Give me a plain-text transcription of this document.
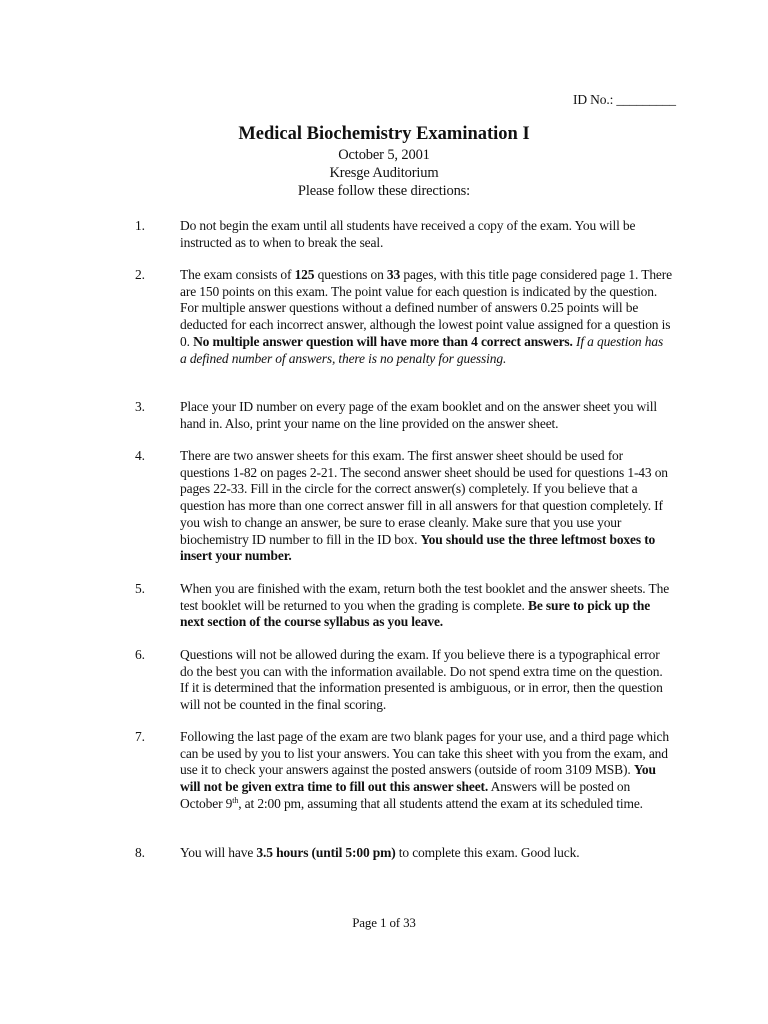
ID No.: _________
Medical Biochemistry Examination I
October 5, 2001
Kresge Auditorium
Please follow these directions:
1.	Do not begin the exam until all students have received a copy of the exam. You will be instructed as to when to break the seal.
2.	The exam consists of 125 questions on 33 pages, with this title page considered page 1. There are 150 points on this exam. The point value for each question is indicated by the question. For multiple answer questions without a defined number of answers 0.25 points will be deducted for each incorrect answer, although the lowest point value assigned for a question is 0. No multiple answer question will have more than 4 correct answers. If a question has a defined number of answers, there is no penalty for guessing.
3.	Place your ID number on every page of the exam booklet and on the answer sheet you will hand in. Also, print your name on the line provided on the answer sheet.
4.	There are two answer sheets for this exam. The first answer sheet should be used for questions 1-82 on pages 2-21. The second answer sheet should be used for questions 1-43 on pages 22-33. Fill in the circle for the correct answer(s) completely. If you believe that a question has more than one correct answer fill in all answers for that question completely. If you wish to change an answer, be sure to erase cleanly. Make sure that you use your biochemistry ID number to fill in the ID box. You should use the three leftmost boxes to insert your number.
5.	When you are finished with the exam, return both the test booklet and the answer sheets. The test booklet will be returned to you when the grading is complete. Be sure to pick up the next section of the course syllabus as you leave.
6.	Questions will not be allowed during the exam. If you believe there is a typographical error do the best you can with the information available. Do not spend extra time on the question. If it is determined that the information presented is ambiguous, or in error, then the question will not be counted in the final scoring.
7.	Following the last page of the exam are two blank pages for your use, and a third page which can be used by you to list your answers. You can take this sheet with you from the exam, and use it to check your answers against the posted answers (outside of room 3109 MSB). You will not be given extra time to fill out this answer sheet. Answers will be posted on October 9th, at 2:00 pm, assuming that all students attend the exam at its scheduled time.
8.	You will have 3.5 hours (until 5:00 pm) to complete this exam. Good luck.
Page 1 of 33
